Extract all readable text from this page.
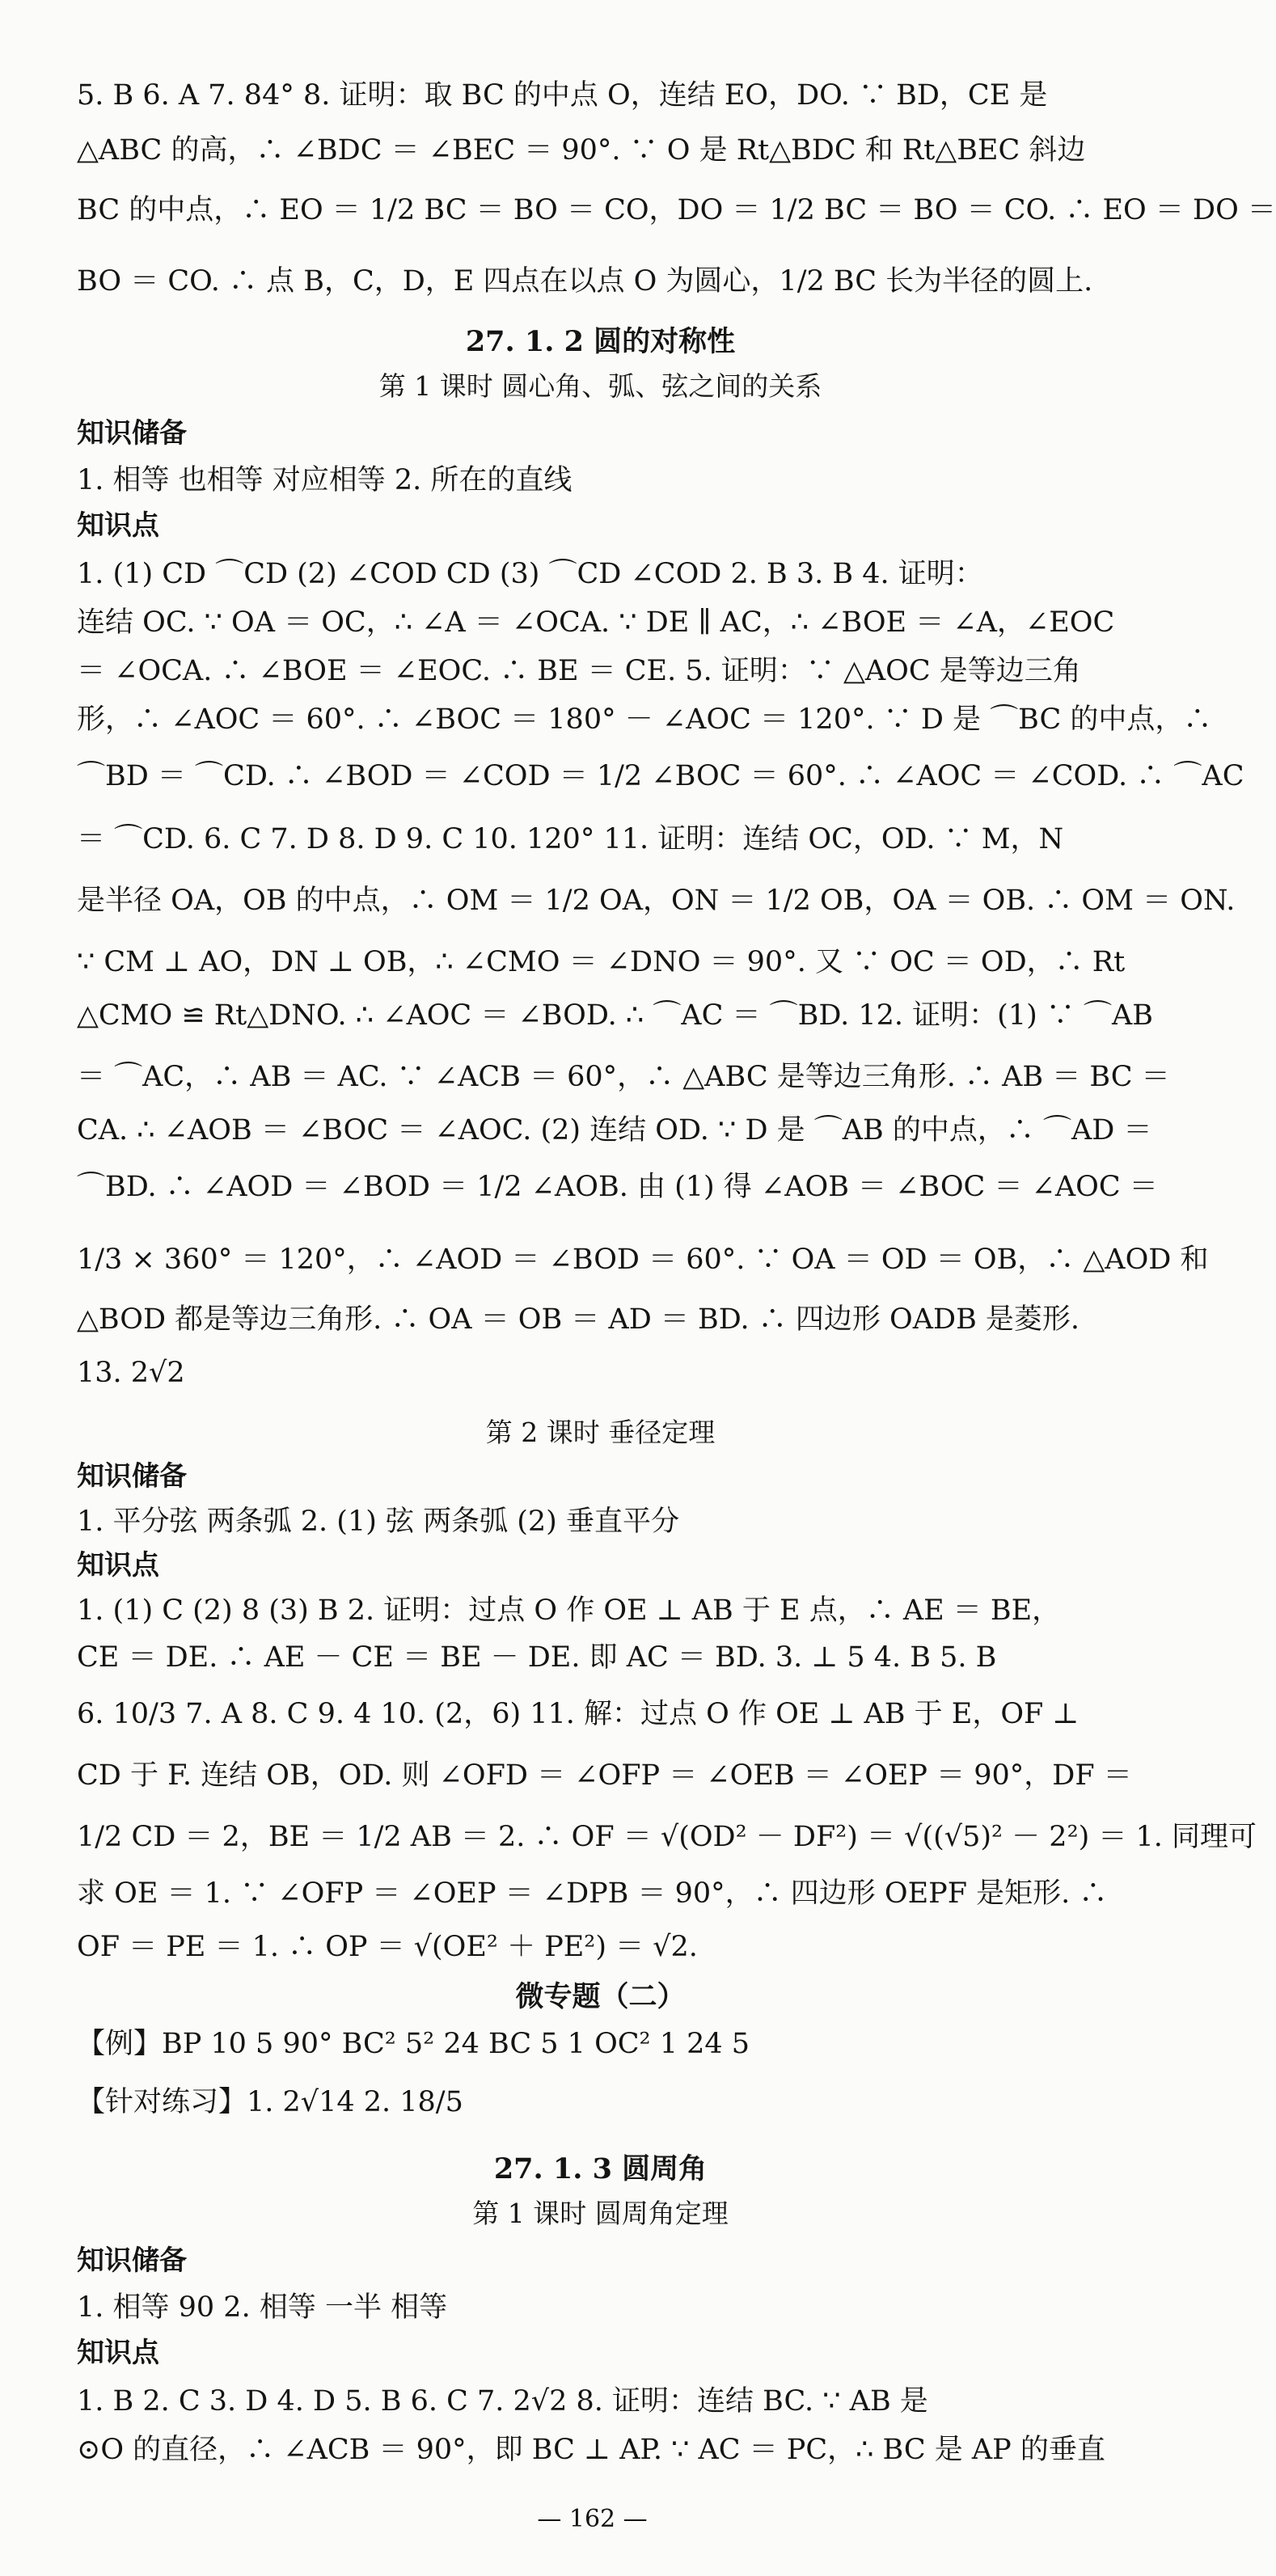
5. B 6. A 7. 84° 8. 证明：取 BC 的中点 O，连结 EO，DO. ∵ BD，CE 是

△ABC 的高，∴ ∠BDC ＝ ∠BEC ＝ 90°. ∵ O 是 Rt△BDC 和 Rt△BEC 斜边

BC 的中点，∴ EO ＝ 1/2 BC ＝ BO ＝ CO，DO ＝ 1/2 BC ＝ BO ＝ CO. ∴ EO ＝ DO ＝

BO ＝ CO. ∴ 点 B，C，D，E 四点在以点 O 为圆心，1/2 BC 长为半径的圆上.

27. 1. 2 圆的对称性

第 1 课时 圆心角、弧、弦之间的关系

知识储备

1. 相等 也相等 对应相等 2. 所在的直线

知识点

1. (1) CD ⌒CD (2) ∠COD CD (3) ⌒CD ∠COD 2. B 3. B 4. 证明：

连结 OC. ∵ OA ＝ OC，∴ ∠A ＝ ∠OCA. ∵ DE ∥ AC，∴ ∠BOE ＝ ∠A，∠EOC

＝ ∠OCA. ∴ ∠BOE ＝ ∠EOC. ∴ BE ＝ CE. 5. 证明：∵ △AOC 是等边三角

形，∴ ∠AOC ＝ 60°. ∴ ∠BOC ＝ 180° － ∠AOC ＝ 120°. ∵ D 是 ⌒BC 的中点，∴

⌒BD ＝ ⌒CD. ∴ ∠BOD ＝ ∠COD ＝ 1/2 ∠BOC ＝ 60°. ∴ ∠AOC ＝ ∠COD. ∴ ⌒AC

＝ ⌒CD. 6. C 7. D 8. D 9. C 10. 120° 11. 证明：连结 OC，OD. ∵ M，N

是半径 OA，OB 的中点，∴ OM ＝ 1/2 OA，ON ＝ 1/2 OB，OA ＝ OB. ∴ OM ＝ ON.

∵ CM ⊥ AO，DN ⊥ OB，∴ ∠CMO ＝ ∠DNO ＝ 90°. 又 ∵ OC ＝ OD，∴ Rt

△CMO ≌ Rt△DNO. ∴ ∠AOC ＝ ∠BOD. ∴ ⌒AC ＝ ⌒BD. 12. 证明：(1) ∵ ⌒AB

＝ ⌒AC，∴ AB ＝ AC. ∵ ∠ACB ＝ 60°，∴ △ABC 是等边三角形. ∴ AB ＝ BC ＝

CA. ∴ ∠AOB ＝ ∠BOC ＝ ∠AOC. (2) 连结 OD. ∵ D 是 ⌒AB 的中点，∴ ⌒AD ＝

⌒BD. ∴ ∠AOD ＝ ∠BOD ＝ 1/2 ∠AOB. 由 (1) 得 ∠AOB ＝ ∠BOC ＝ ∠AOC ＝

1/3 × 360° ＝ 120°，∴ ∠AOD ＝ ∠BOD ＝ 60°. ∵ OA ＝ OD ＝ OB，∴ △AOD 和

△BOD 都是等边三角形. ∴ OA ＝ OB ＝ AD ＝ BD. ∴ 四边形 OADB 是菱形.

13. 2√2

第 2 课时 垂径定理

知识储备

1. 平分弦 两条弧 2. (1) 弦 两条弧 (2) 垂直平分

知识点

1. (1) C (2) 8 (3) B 2. 证明：过点 O 作 OE ⊥ AB 于 E 点，∴ AE ＝ BE，

CE ＝ DE. ∴ AE － CE ＝ BE － DE. 即 AC ＝ BD. 3. ⊥ 5 4. B 5. B

6. 10/3 7. A 8. C 9. 4 10. (2，6) 11. 解：过点 O 作 OE ⊥ AB 于 E，OF ⊥

CD 于 F. 连结 OB，OD. 则 ∠OFD ＝ ∠OFP ＝ ∠OEB ＝ ∠OEP ＝ 90°，DF ＝

1/2 CD ＝ 2，BE ＝ 1/2 AB ＝ 2. ∴ OF ＝ √(OD² － DF²) ＝ √((√5)² － 2²) ＝ 1. 同理可

求 OE ＝ 1. ∵ ∠OFP ＝ ∠OEP ＝ ∠DPB ＝ 90°，∴ 四边形 OEPF 是矩形. ∴

OF ＝ PE ＝ 1. ∴ OP ＝ √(OE² ＋ PE²) ＝ √2.

微专题（二）

【例】BP 10 5 90° BC² 5² 24 BC 5 1 OC² 1 24 5

【针对练习】1. 2√14 2. 18/5

27. 1. 3 圆周角

第 1 课时 圆周角定理

知识储备

1. 相等 90 2. 相等 一半 相等

知识点

1. B 2. C 3. D 4. D 5. B 6. C 7. 2√2 8. 证明：连结 BC. ∵ AB 是

⊙O 的直径，∴ ∠ACB ＝ 90°，即 BC ⊥ AP. ∵ AC ＝ PC，∴ BC 是 AP 的垂直

— 162 —
